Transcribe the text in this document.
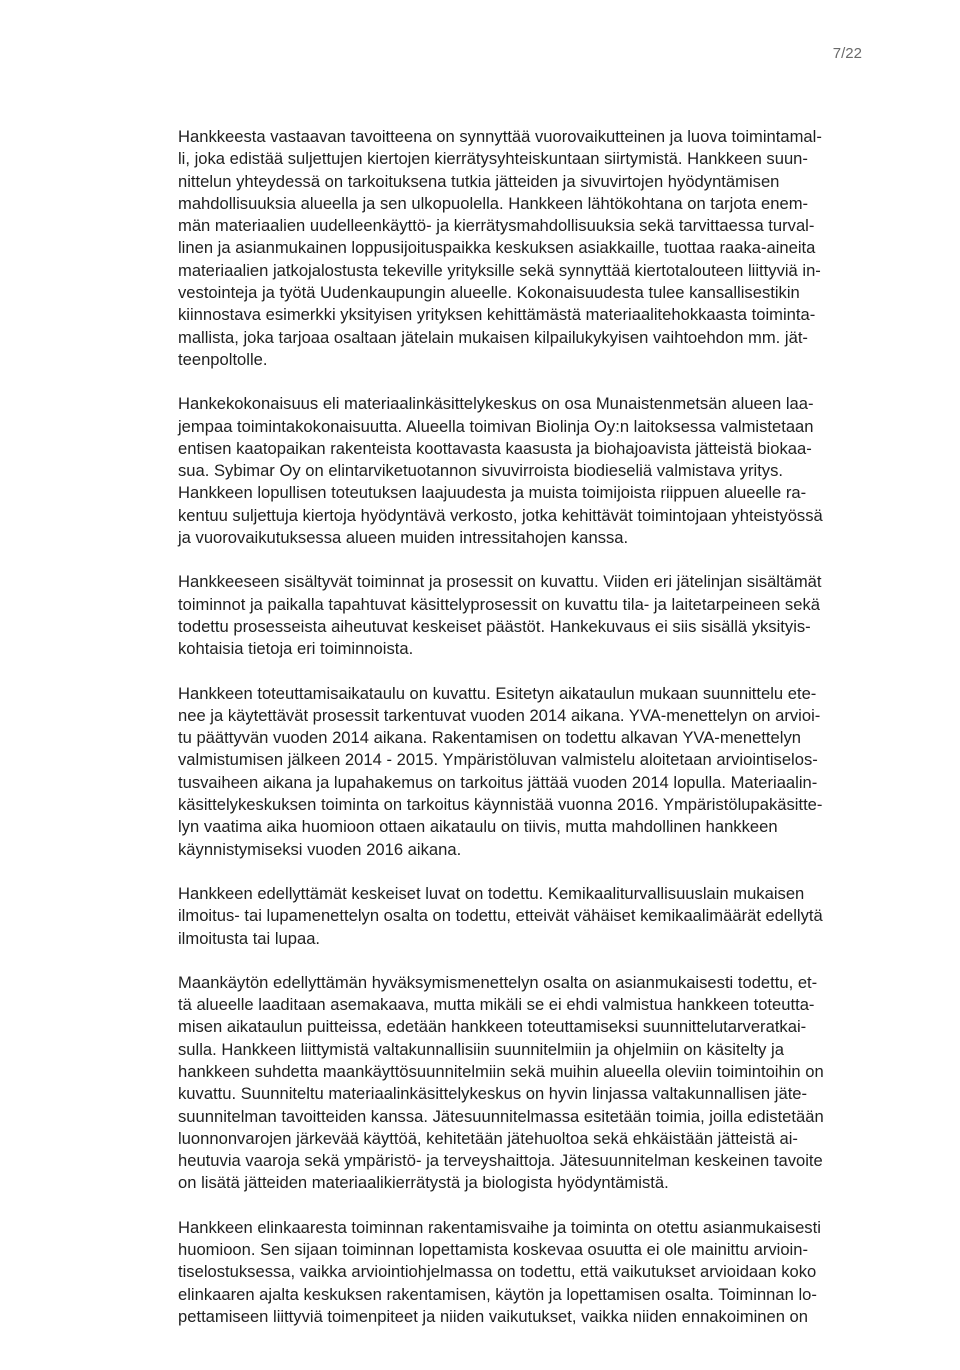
7/22

Hankkeesta vastaavan tavoitteena on synnyttää vuorovaikutteinen ja luova toimintamal-
li, joka edistää suljettujen kiertojen kierrätysyhteiskuntaan siirtymistä. Hankkeen suun-
nittelun yhteydessä on tarkoituksena tutkia jätteiden ja sivuvirtojen hyödyntämisen
mahdollisuuksia alueella ja sen ulkopuolella. Hankkeen lähtökohtana on tarjota enem-
män materiaalien uudelleenkäyttö- ja kierrätysmahdollisuuksia sekä tarvittaessa turval-
linen ja asianmukainen loppusijoituspaikka keskuksen asiakkaille, tuottaa raaka-aineita
materiaalien jatkojalostusta tekeville yrityksille sekä synnyttää kiertotalouteen liittyviä in-
vestointeja ja työtä Uudenkaupungin alueelle. Kokonaisuudesta tulee kansallisestikin
kiinnostava esimerkki yksityisen yrityksen kehittämästä materiaalitehokkaasta toiminta-
mallista, joka tarjoaa osaltaan jätelain mukaisen kilpailukykyisen vaihtoehdon mm. jät-
teenpoltolle.

Hankekokonaisuus eli materiaalinkäsittelykeskus on osa Munaistenmetsän alueen laa-
jempaa toimintakokonaisuutta. Alueella toimivan Biolinja Oy:n laitoksessa valmistetaan
entisen kaatopaikan rakenteista koottavasta kaasusta ja biohajoavista jätteistä biokaa-
sua. Sybimar Oy on elintarviketuotannon sivuvirroista biodieseliä valmistava yritys.
Hankkeen lopullisen toteutuksen laajuudesta ja muista toimijoista riippuen alueelle ra-
kentuu suljettuja kiertoja hyödyntävä verkosto, jotka kehittävät toimintojaan yhteistyössä
ja vuorovaikutuksessa alueen muiden intressitahojen kanssa.

Hankkeeseen sisältyvät toiminnat ja prosessit on kuvattu. Viiden eri jätelinjan sisältämät
toiminnot ja paikalla tapahtuvat käsittelyprosessit on kuvattu tila- ja laitetarpeineen sekä
todettu prosesseista aiheutuvat keskeiset päästöt. Hankekuvaus ei siis sisällä yksityis-
kohtaisia tietoja eri toiminnoista.

Hankkeen toteuttamisaikataulu on kuvattu. Esitetyn aikataulun mukaan suunnittelu ete-
nee ja käytettävät prosessit tarkentuvat vuoden 2014 aikana. YVA-menettelyn on arvioi-
tu päättyvän vuoden 2014 aikana. Rakentamisen on todettu alkavan YVA-menettelyn
valmistumisen jälkeen 2014 - 2015. Ympäristöluvan valmistelu aloitetaan arviointiselos-
tusvaiheen aikana ja lupahakemus on tarkoitus jättää vuoden 2014 lopulla. Materiaalin-
käsittelykeskuksen toiminta on tarkoitus käynnistää vuonna 2016. Ympäristölupakäsitte-
lyn vaatima aika huomioon ottaen aikataulu on tiivis, mutta mahdollinen hankkeen
käynnistymiseksi vuoden 2016 aikana.

Hankkeen edellyttämät keskeiset luvat on todettu. Kemikaaliturvallisuuslain mukaisen
ilmoitus- tai lupamenettelyn osalta on todettu, etteivät vähäiset kemikaalimäärät edellytä
ilmoitusta tai lupaa.

Maankäytön edellyttämän hyväksymismenettelyn osalta on asianmukaisesti todettu, et-
tä alueelle laaditaan asemakaava, mutta mikäli se ei ehdi valmistua hankkeen toteutta-
misen aikataulun puitteissa, edetään hankkeen toteuttamiseksi suunnittelutarveratkai-
sulla. Hankkeen liittymistä valtakunnallisiin suunnitelmiin ja ohjelmiin on käsitelty ja
hankkeen suhdetta maankäyttösuunnitelmiin sekä muihin alueella oleviin toimintoihin on
kuvattu. Suunniteltu materiaalinkäsittelykeskus on hyvin linjassa valtakunnallisen jäte-
suunnitelman tavoitteiden kanssa. Jätesuunnitelmassa esitetään toimia, joilla edistetään
luonnonvarojen järkevää käyttöä, kehitetään jätehuoltoa sekä ehkäistään jätteistä ai-
heutuvia vaaroja sekä ympäristö- ja terveyshaittoja. Jätesuunnitelman keskeinen tavoite
on lisätä jätteiden materiaalikierrätystä ja biologista hyödyntämistä.

Hankkeen elinkaaresta toiminnan rakentamisvaihe ja toiminta on otettu asianmukaisesti
huomioon. Sen sijaan toiminnan lopettamista koskevaa osuutta ei ole mainittu arvioin-
tiselostuksessa, vaikka arviointiohjelmassa on todettu, että vaikutukset arvioidaan koko
elinkaaren ajalta keskuksen rakentamisen, käytön ja lopettamisen osalta. Toiminnan lo-
pettamiseen liittyviä toimenpiteet ja niiden vaikutukset, vaikka niiden ennakoiminen on
